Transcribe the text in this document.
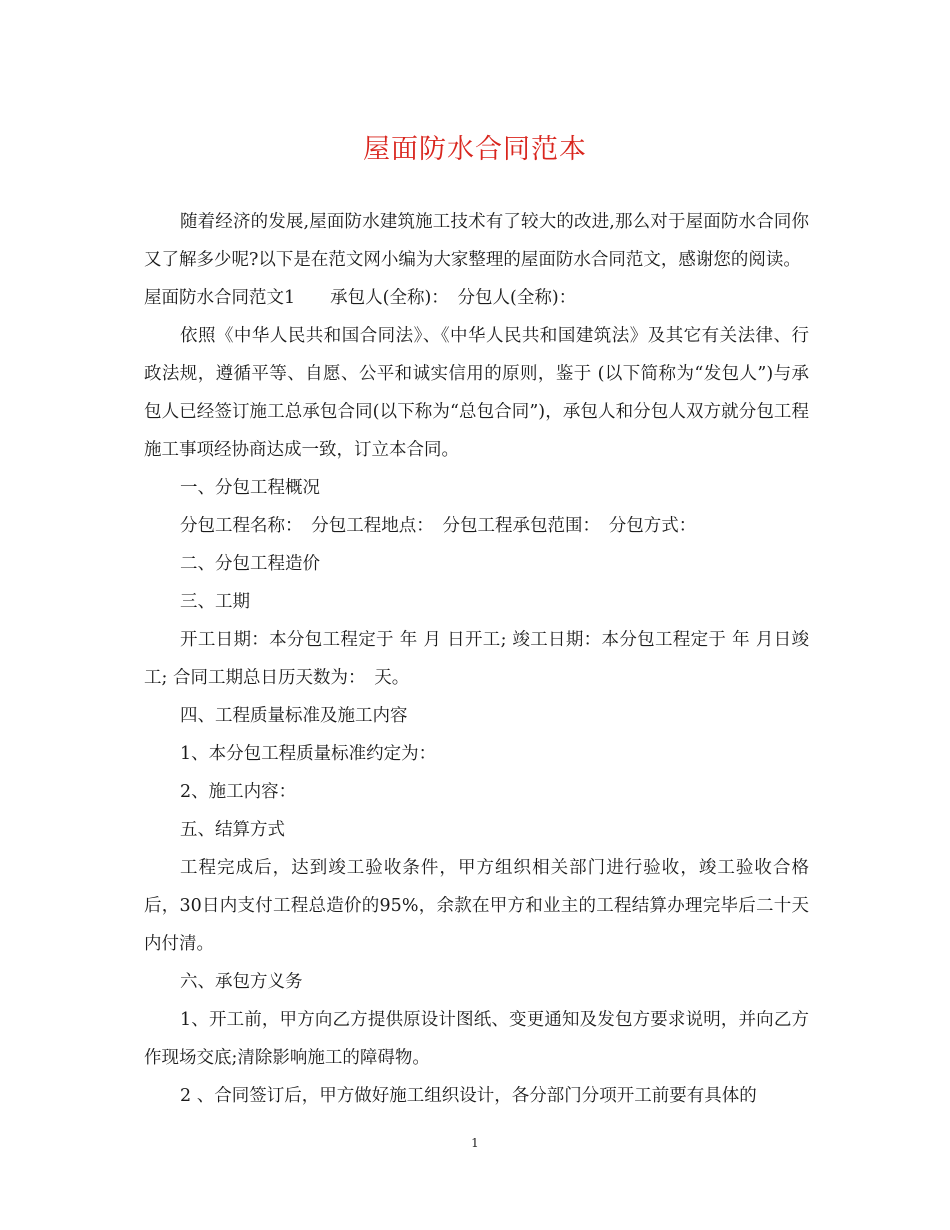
屋面防水合同范本

随着经济的发展,屋面防水建筑施工技术有了较大的改进,那么对于屋面防水合同你又了解多少呢?以下是在范文网小编为大家整理的屋面防水合同范文，感谢您的阅读。

屋面防水合同范文1　　承包人(全称)：　分包人(全称)：

依照《中华人民共和国合同法》、《中华人民共和国建筑法》及其它有关法律、行政法规，遵循平等、自愿、公平和诚实信用的原则，鉴于 (以下简称为“发包人”)与承包人已经签订施工总承包合同(以下称为“总包合同”)，承包人和分包人双方就分包工程施工事项经协商达成一致，订立本合同。

一、分包工程概况

分包工程名称：　分包工程地点：　分包工程承包范围：　分包方式：

二、分包工程造价

三、工期

开工日期：本分包工程定于 年 月 日开工; 竣工日期：本分包工程定于 年 月日竣工; 合同工期总日历天数为：　天。

四、工程质量标准及施工内容

1、本分包工程质量标准约定为：

2、施工内容：

五、结算方式

工程完成后，达到竣工验收条件，甲方组织相关部门进行验收，竣工验收合格后，30日内支付工程总造价的95%，余款在甲方和业主的工程结算办理完毕后二十天内付清。

六、承包方义务

1、开工前，甲方向乙方提供原设计图纸、变更通知及发包方要求说明，并向乙方作现场交底;清除影响施工的障碍物。

2 、合同签订后，甲方做好施工组织设计，各分部门分项开工前要有具体的

1
